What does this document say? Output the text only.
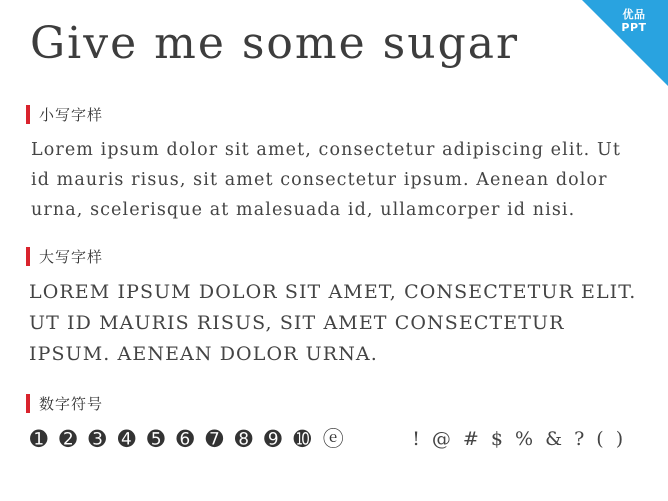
优品
PPT
Give me some sugar
小写字样
Lorem ipsum dolor sit amet, consectetur adipiscing elit. Ut id mauris risus, sit amet consectetur ipsum. Aenean dolor urna, scelerisque at malesuada id, ullamcorper id nisi.
大写字样
LOREM IPSUM DOLOR SIT AMET, CONSECTETUR ELIT. UT ID MAURIS RISUS, SIT AMET CONSECTETUR IPSUM. AENEAN DOLOR URNA.
数字符号
➊ ➋ ➌ ➍ ➎ ➏ ➐ ➑ ➒ ➓ ⓔ	! @ # $ % & ? ( )
